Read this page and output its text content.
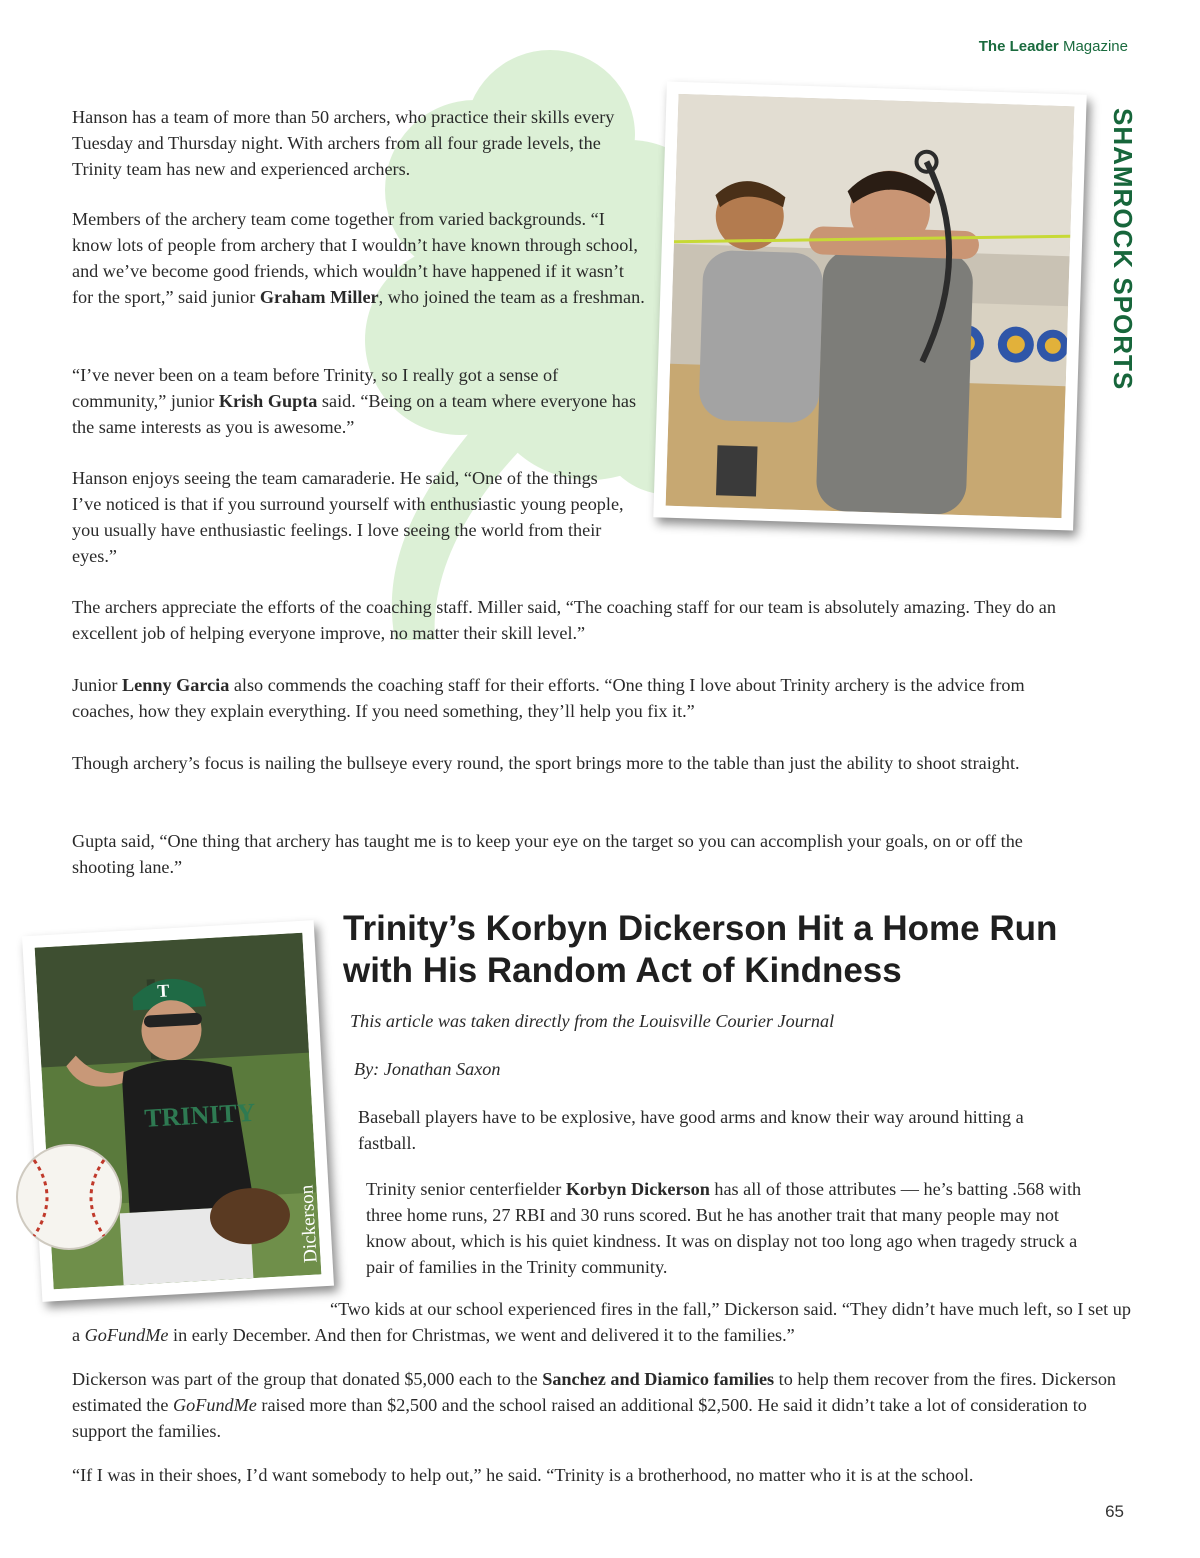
The Leader Magazine
SHAMROCK SPORTS

Hanson has a team of more than 50 archers, who practice their skills every Tuesday and Thursday night. With archers from all four grade levels, the Trinity team has new and experienced archers.

Members of the archery team come together from varied backgrounds. “I know lots of people from archery that I wouldn’t have known through school, and we’ve become good friends, which wouldn’t have happened if it wasn’t for the sport,” said junior Graham Miller, who joined the team as a freshman.

“I’ve never been on a team before Trinity, so I really got a sense of community,” junior Krish Gupta said. “Being on a team where everyone has the same interests as you is awesome.”

Hanson enjoys seeing the team camaraderie. He said, “One of the things I’ve noticed is that if you surround yourself with enthusiastic young people, you usually have enthusiastic feelings. I love seeing the world from their eyes.”

The archers appreciate the efforts of the coaching staff. Miller said, “The coaching staff for our team is absolutely amazing. They do an excellent job of helping everyone improve, no matter their skill level.”

Junior Lenny Garcia also commends the coaching staff for their efforts. “One thing I love about Trinity archery is the advice from coaches, how they explain everything. If you need something, they’ll help you fix it.”

Though archery’s focus is nailing the bullseye every round, the sport brings more to the table than just the ability to shoot straight.

Gupta said, “One thing that archery has taught me is to keep your eye on the target so you can accomplish your goals, on or off the shooting lane.”

T
TRINITY
Dickerson
Trinity’s Korbyn Dickerson Hit a Home Run with His Random Act of Kindness

This article was taken directly from the Louisville Courier Journal

By: Jonathan Saxon

Baseball players have to be explosive, have good arms and know their way around hitting a fastball.

Trinity senior centerfielder Korbyn Dickerson has all of those attributes — he’s batting .568 with three home runs, 27 RBI and 30 runs scored. But he has another trait that many people may not know about, which is his quiet kindness. It was on display not too long ago when tragedy struck a pair of families in the Trinity community.

“Two kids at our school experienced fires in the fall,” Dickerson said. “They didn’t have much left, so I set up a GoFundMe in early December. And then for Christmas, we went and delivered it to the families.”

Dickerson was part of the group that donated $5,000 each to the Sanchez and Diamico families to help them recover from the fires. Dickerson estimated the GoFundMe raised more than $2,500 and the school raised an additional $2,500. He said it didn’t take a lot of consideration to support the families.

“If I was in their shoes, I’d want somebody to help out,” he said. “Trinity is a brotherhood, no matter who it is at the school.

65
